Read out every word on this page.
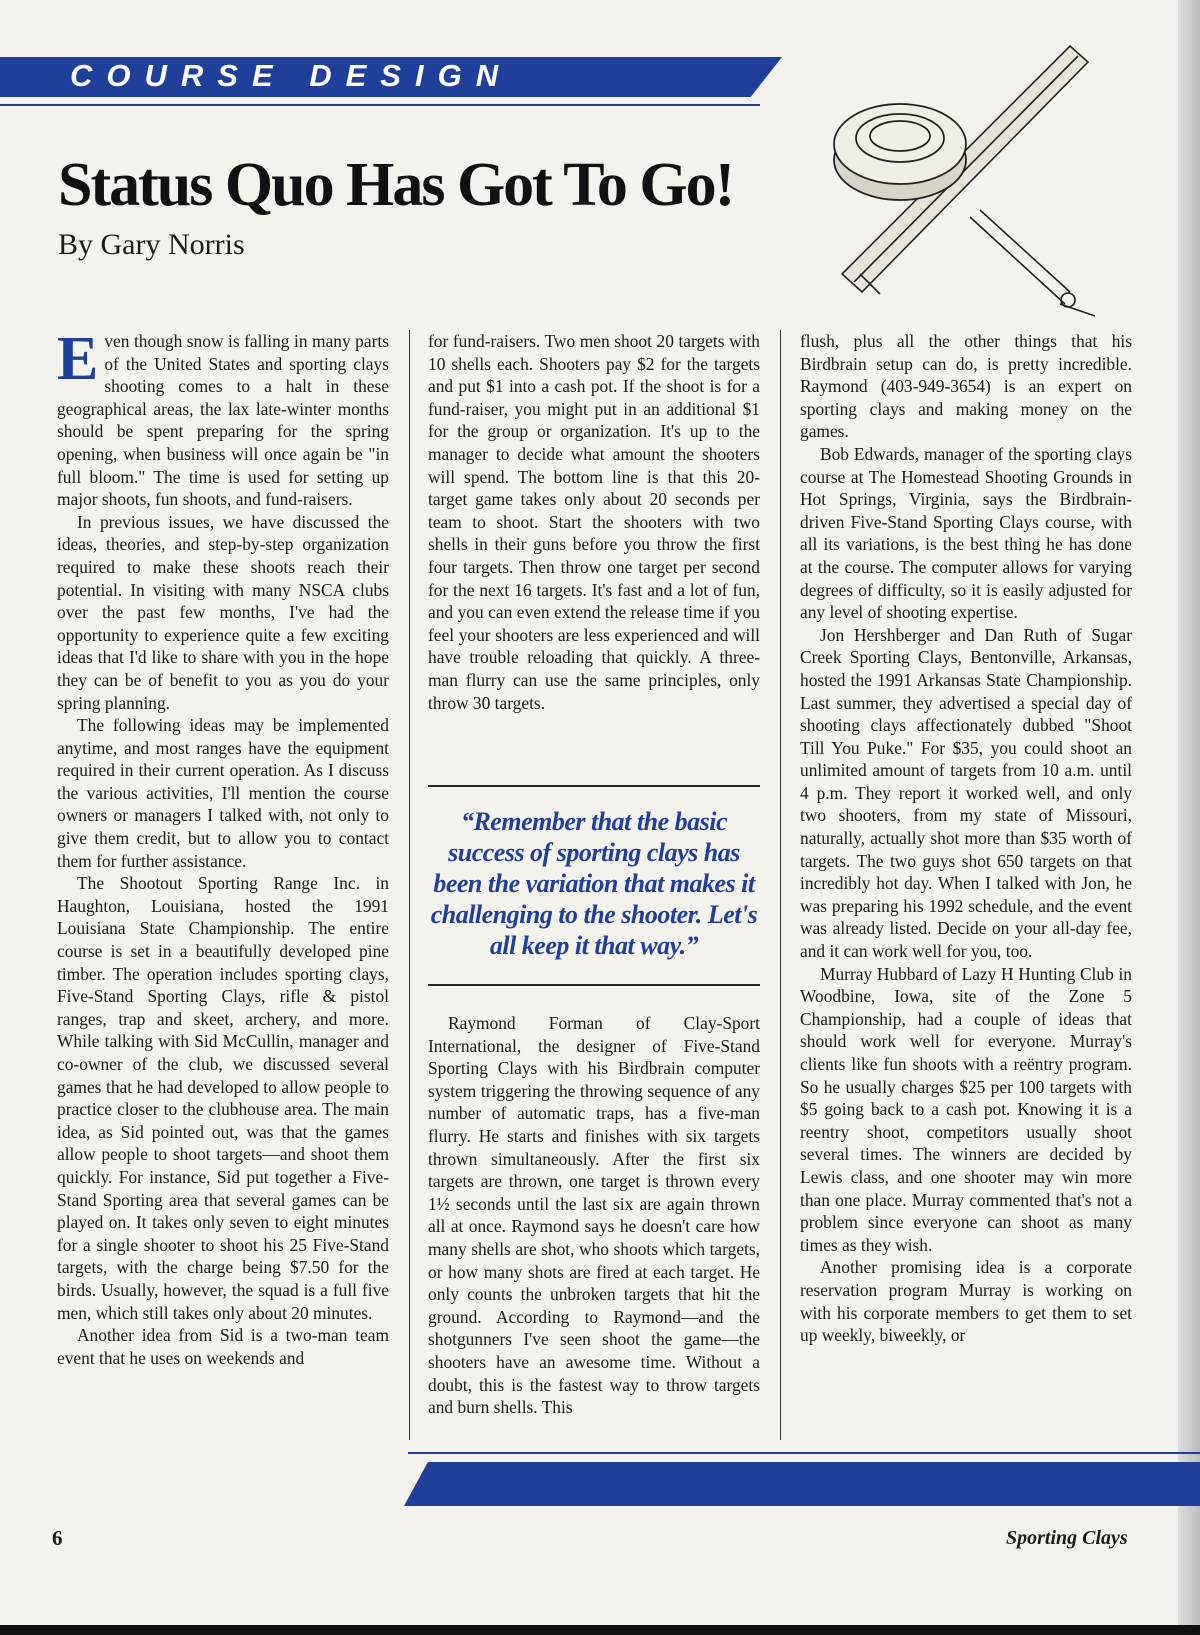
COURSE DESIGN
Status Quo Has Got To Go!
By Gary Norris

Even though snow is falling in many parts of the United States and sporting clays shooting comes to a halt in these geographical areas, the lax late-winter months should be spent preparing for the spring opening, when business will once again be "in full bloom." The time is used for setting up major shoots, fun shoots, and fund-raisers.

In previous issues, we have discussed the ideas, theories, and step-by-step organization required to make these shoots reach their potential. In visiting with many NSCA clubs over the past few months, I've had the opportunity to experience quite a few exciting ideas that I'd like to share with you in the hope they can be of benefit to you as you do your spring planning.

The following ideas may be implemented anytime, and most ranges have the equipment required in their current operation. As I discuss the various activities, I'll mention the course owners or managers I talked with, not only to give them credit, but to allow you to contact them for further assistance.

The Shootout Sporting Range Inc. in Haughton, Louisiana, hosted the 1991 Louisiana State Championship. The entire course is set in a beautifully developed pine timber. The operation includes sporting clays, Five-Stand Sporting Clays, rifle & pistol ranges, trap and skeet, archery, and more. While talking with Sid McCullin, manager and co-owner of the club, we discussed several games that he had developed to allow people to practice closer to the clubhouse area. The main idea, as Sid pointed out, was that the games allow people to shoot targets—and shoot them quickly. For instance, Sid put together a Five-Stand Sporting area that several games can be played on. It takes only seven to eight minutes for a single shooter to shoot his 25 Five-Stand targets, with the charge being $7.50 for the birds. Usually, however, the squad is a full five men, which still takes only about 20 minutes.

Another idea from Sid is a two-man team event that he uses on weekends and

for fund-raisers. Two men shoot 20 targets with 10 shells each. Shooters pay $2 for the targets and put $1 into a cash pot. If the shoot is for a fund-raiser, you might put in an additional $1 for the group or organization. It's up to the manager to decide what amount the shooters will spend. The bottom line is that this 20-target game takes only about 20 seconds per team to shoot. Start the shooters with two shells in their guns before you throw the first four targets. Then throw one target per second for the next 16 targets. It's fast and a lot of fun, and you can even extend the release time if you feel your shooters are less experienced and will have trouble reloading that quickly. A three-man flurry can use the same principles, only throw 30 targets.

“Remember that the basic success of sporting clays has been the variation that makes it challenging to the shooter. Let's all keep it that way.”

Raymond Forman of Clay-Sport International, the designer of Five-Stand Sporting Clays with his Birdbrain computer system triggering the throwing sequence of any number of automatic traps, has a five-man flurry. He starts and finishes with six targets thrown simultaneously. After the first six targets are thrown, one target is thrown every 1½ seconds until the last six are again thrown all at once. Raymond says he doesn't care how many shells are shot, who shoots which targets, or how many shots are fired at each target. He only counts the unbroken targets that hit the ground. According to Raymond—and the shotgunners I've seen shoot the game—the shooters have an awesome time. Without a doubt, this is the fastest way to throw targets and burn shells. This

flush, plus all the other things that his Birdbrain setup can do, is pretty incredible. Raymond (403-949-3654) is an expert on sporting clays and making money on the games.

Bob Edwards, manager of the sporting clays course at The Homestead Shooting Grounds in Hot Springs, Virginia, says the Birdbrain-driven Five-Stand Sporting Clays course, with all its variations, is the best thing he has done at the course. The computer allows for varying degrees of difficulty, so it is easily adjusted for any level of shooting expertise.

Jon Hershberger and Dan Ruth of Sugar Creek Sporting Clays, Bentonville, Arkansas, hosted the 1991 Arkansas State Championship. Last summer, they advertised a special day of shooting clays affectionately dubbed "Shoot Till You Puke." For $35, you could shoot an unlimited amount of targets from 10 a.m. until 4 p.m. They report it worked well, and only two shooters, from my state of Missouri, naturally, actually shot more than $35 worth of targets. The two guys shot 650 targets on that incredibly hot day. When I talked with Jon, he was preparing his 1992 schedule, and the event was already listed. Decide on your all-day fee, and it can work well for you, too.

Murray Hubbard of Lazy H Hunting Club in Woodbine, Iowa, site of the Zone 5 Championship, had a couple of ideas that should work well for everyone. Murray's clients like fun shoots with a reëntry program. So he usually charges $25 per 100 targets with $5 going back to a cash pot. Knowing it is a reentry shoot, competitors usually shoot several times. The winners are decided by Lewis class, and one shooter may win more than one place. Murray commented that's not a problem since everyone can shoot as many times as they wish.

Another promising idea is a corporate reservation program Murray is working on with his corporate members to get them to set up weekly, biweekly, or

6	Sporting Clays
